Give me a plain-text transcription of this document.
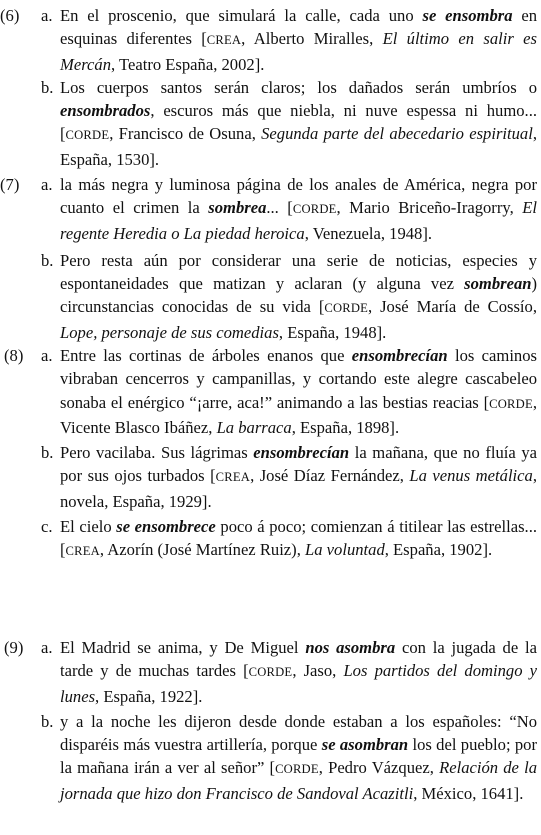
(6)	a. En el proscenio, que simulará la calle, cada uno se ensombra en esquinas diferentes [CREA, Alberto Miralles, El último en salir es Mercán, Teatro España, 2002].
b. Los cuerpos santos serán claros; los dañados serán umbríos o ensombrados, escuros más que niebla, ni nuve espessa ni humo... [CORDE, Francisco de Osuna, Segunda parte del abecedario espiritual, España, 1530].
(7)	a. la más negra y luminosa página de los anales de América, negra por cuanto el crimen la sombrea... [CORDE, Mario Briceño-Iragorry, El regente Heredia o La piedad heroica, Venezuela, 1948].
b. Pero resta aún por considerar una serie de noticias, especies y espontaneidades que matizan y aclaran (y alguna vez sombrean) circunstancias conocidas de su vida [CORDE, José María de Cossío, Lope, personaje de sus comedias, España, 1948].
(8)	a. Entre las cortinas de árboles enanos que ensombrecían los caminos vibraban cencerros y campanillas, y cortando este alegre cascabeleo sonaba el enérgico “¡arre, aca!” animando a las bestias reacias [CORDE, Vicente Blasco Ibáñez, La barraca, España, 1898].
b. Pero vacilaba. Sus lágrimas ensombrecían la mañana, que no fluía ya por sus ojos turbados [CREA, José Díaz Fernández, La venus metálica, novela, España, 1929].
c. El cielo se ensombrece poco á poco; comienzan á titilear las estrellas... [CREA, Azorín (José Martínez Ruiz), La voluntad, España, 1902].
(9)	a. El Madrid se anima, y De Miguel nos asombra con la jugada de la tarde y de muchas tardes [CORDE, Jaso, Los partidos del domingo y lunes, España, 1922].
b. y a la noche les dijeron desde donde estaban a los españoles: “No disparéis más vuestra artillería, porque se asombran los del pueblo; por la mañana irán a ver al señor” [CORDE, Pedro Vázquez, Relación de la jornada que hizo don Francisco de Sandoval Acazitli, México, 1641].
